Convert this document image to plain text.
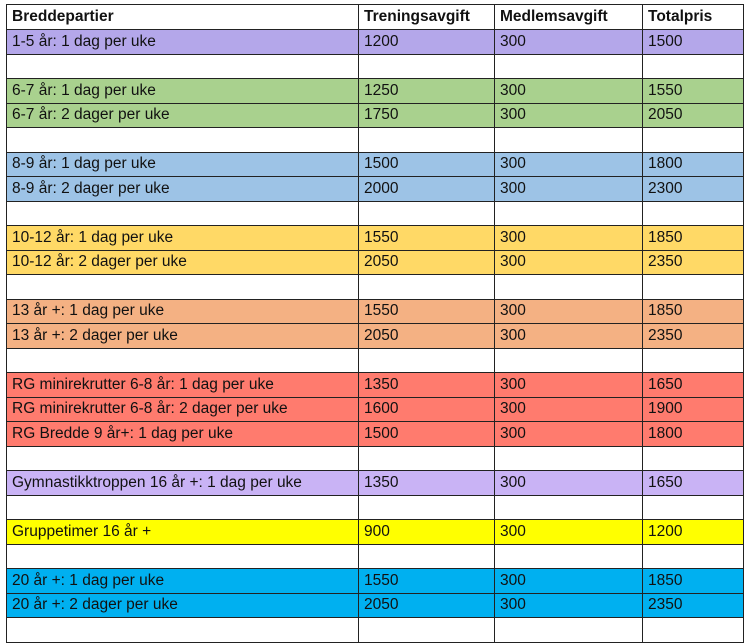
Breddepartier	Treningsavgift	Medlemsavgift	Totalpris
1-5 år: 1 dag per uke	1200	300	1500

6-7 år: 1 dag per uke	1250	300	1550
6-7 år: 2 dager per uke	1750	300	2050

8-9 år: 1 dag per uke	1500	300	1800
8-9 år: 2 dager per uke	2000	300	2300

10-12 år: 1 dag per uke	1550	300	1850
10-12 år: 2 dager per uke	2050	300	2350

13 år +: 1 dag per uke	1550	300	1850
13 år +: 2 dager per uke	2050	300	2350

RG minirekrutter 6-8 år: 1 dag per uke	1350	300	1650
RG minirekrutter 6-8 år: 2 dager per uke	1600	300	1900
RG Bredde 9 år+: 1 dag per uke	1500	300	1800

Gymnastikktroppen 16 år +: 1 dag per uke	1350	300	1650

Gruppetimer 16 år +	900	300	1200

20 år +: 1 dag per uke	1550	300	1850
20 år +: 2 dager per uke	2050	300	2350
